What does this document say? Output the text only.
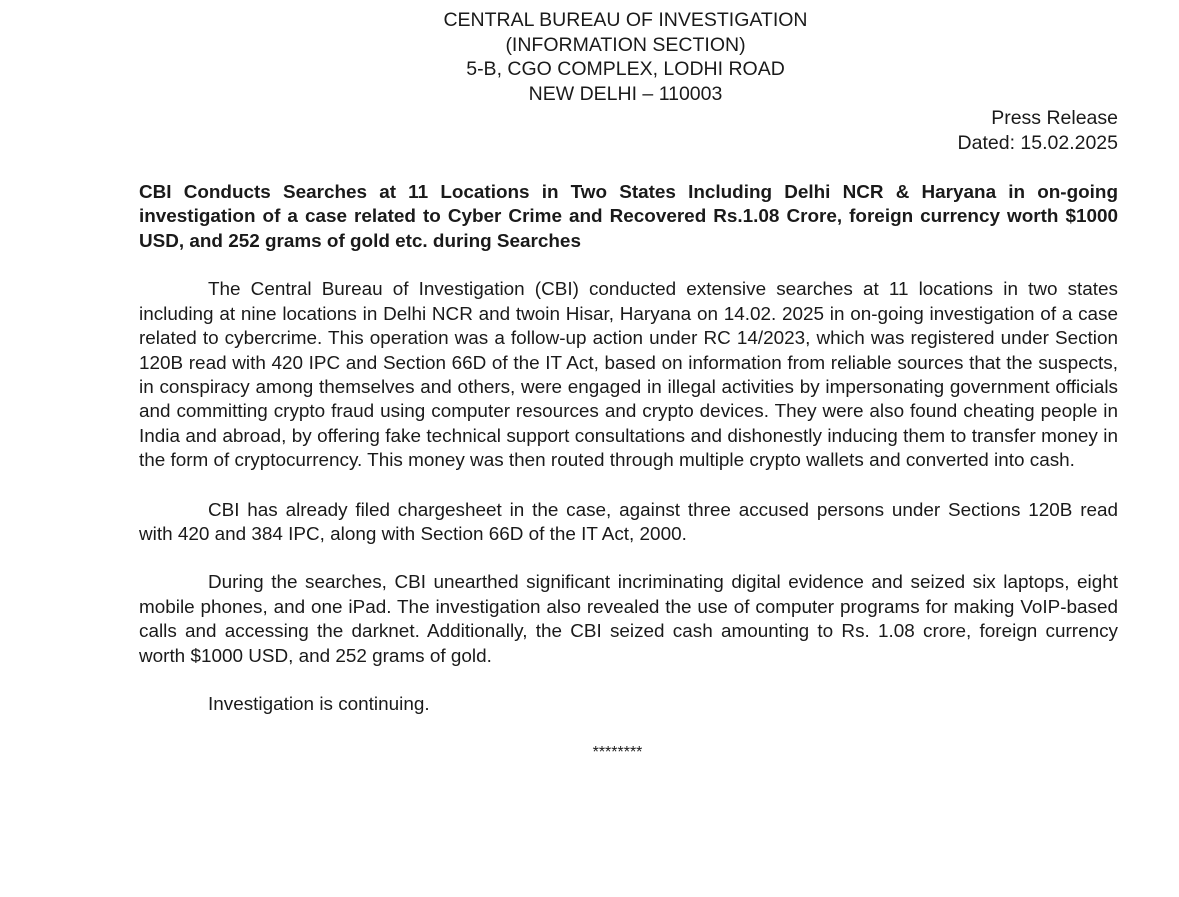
CENTRAL BUREAU OF INVESTIGATION
(INFORMATION SECTION)
5-B, CGO COMPLEX, LODHI ROAD
NEW DELHI – 110003
Press Release
Dated: 15.02.2025
CBI Conducts Searches at 11 Locations in Two States Including Delhi NCR & Haryana in on-going investigation of a case related to Cyber Crime and Recovered Rs.1.08 Crore, foreign currency worth $1000 USD, and 252 grams of gold etc. during Searches

The Central Bureau of Investigation (CBI) conducted extensive searches at 11 locations in two states including at nine locations in Delhi NCR and twoin Hisar, Haryana on 14.02. 2025 in on-going investigation of a case related to cybercrime. This operation was a follow-up action under RC 14/2023, which was registered under Section 120B read with 420 IPC and Section 66D of the IT Act, based on information from reliable sources that the suspects, in conspiracy among themselves and others, were engaged in illegal activities by impersonating government officials and committing crypto fraud using computer resources and crypto devices. They were also found cheating people in India and abroad, by offering fake technical support consultations and dishonestly inducing them to transfer money in the form of cryptocurrency. This money was then routed through multiple crypto wallets and converted into cash.

CBI has already filed chargesheet in the case, against three accused persons under Sections 120B read with 420 and 384 IPC, along with Section 66D of the IT Act, 2000.

During the searches, CBI unearthed significant incriminating digital evidence and seized six laptops, eight mobile phones, and one iPad. The investigation also revealed the use of computer programs for making VoIP-based calls and accessing the darknet. Additionally, the CBI seized cash amounting to Rs. 1.08 crore, foreign currency worth $1000 USD, and 252 grams of gold.

Investigation is continuing.

********
